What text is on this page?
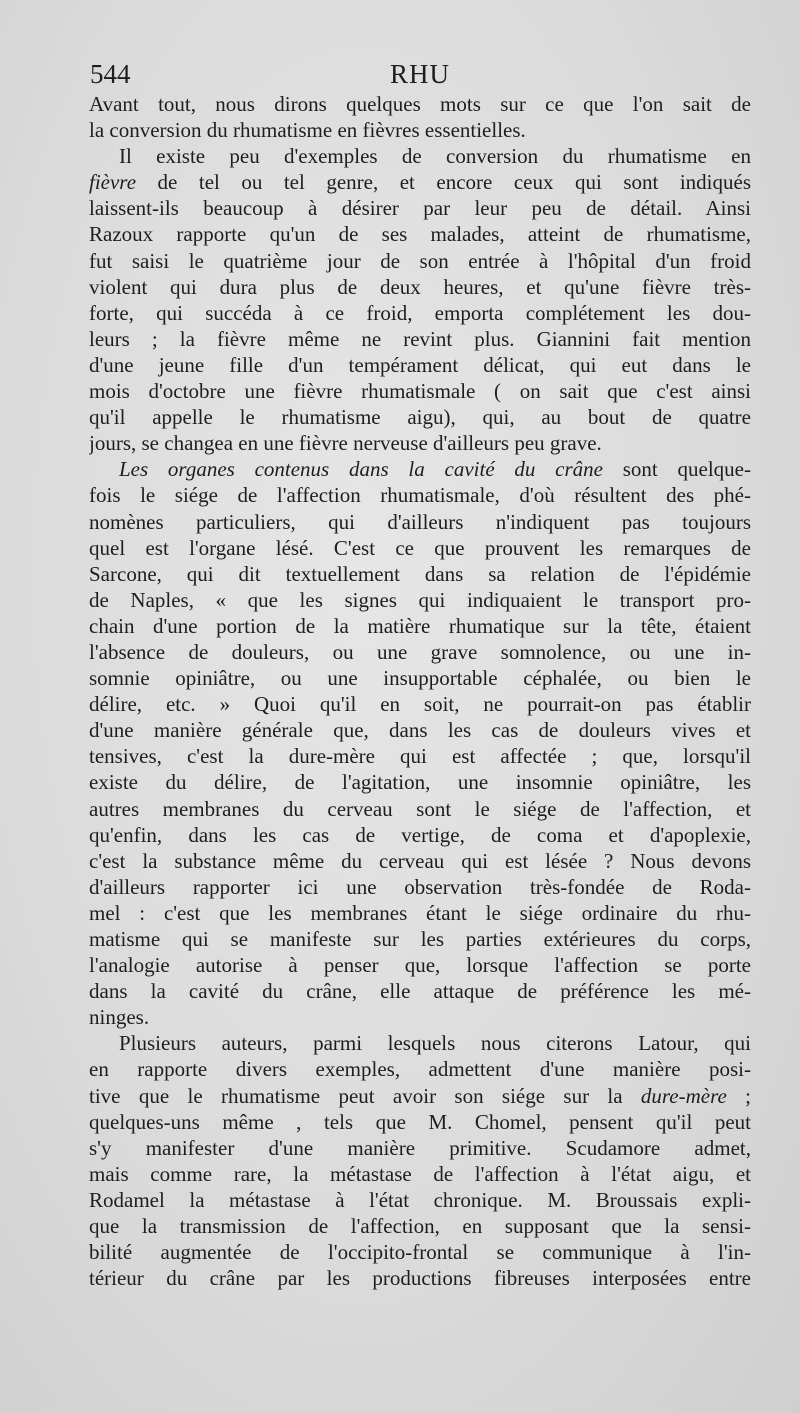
544	RHU
Avant tout, nous dirons quelques mots sur ce que l'on sait de
la conversion du rhumatisme en fièvres essentielles.
Il existe peu d'exemples de conversion du rhumatisme en
fièvre de tel ou tel genre, et encore ceux qui sont indiqués
laissent-ils beaucoup à désirer par leur peu de détail. Ainsi
Razoux rapporte qu'un de ses malades, atteint de rhumatisme,
fut saisi le quatrième jour de son entrée à l'hôpital d'un froid
violent qui dura plus de deux heures, et qu'une fièvre très-
forte, qui succéda à ce froid, emporta complétement les dou-
leurs ; la fièvre même ne revint plus. Giannini fait mention
d'une jeune fille d'un tempérament délicat, qui eut dans le
mois d'octobre une fièvre rhumatismale ( on sait que c'est ainsi
qu'il appelle le rhumatisme aigu), qui, au bout de quatre
jours, se changea en une fièvre nerveuse d'ailleurs peu grave.
Les organes contenus dans la cavité du crâne sont quelque-
fois le siége de l'affection rhumatismale, d'où résultent des phé-
nomènes particuliers, qui d'ailleurs n'indiquent pas toujours
quel est l'organe lésé. C'est ce que prouvent les remarques de
Sarcone, qui dit textuellement dans sa relation de l'épidémie
de Naples, « que les signes qui indiquaient le transport pro-
chain d'une portion de la matière rhumatique sur la tête, étaient
l'absence de douleurs, ou une grave somnolence, ou une in-
somnie opiniâtre, ou une insupportable céphalée, ou bien le
délire, etc. » Quoi qu'il en soit, ne pourrait-on pas établir
d'une manière générale que, dans les cas de douleurs vives et
tensives, c'est la dure-mère qui est affectée ; que, lorsqu'il
existe du délire, de l'agitation, une insomnie opiniâtre, les
autres membranes du cerveau sont le siége de l'affection, et
qu'enfin, dans les cas de vertige, de coma et d'apoplexie,
c'est la substance même du cerveau qui est lésée ? Nous devons
d'ailleurs rapporter ici une observation très-fondée de Roda-
mel : c'est que les membranes étant le siége ordinaire du rhu-
matisme qui se manifeste sur les parties extérieures du corps,
l'analogie autorise à penser que, lorsque l'affection se porte
dans la cavité du crâne, elle attaque de préférence les mé-
ninges.
Plusieurs auteurs, parmi lesquels nous citerons Latour, qui
en rapporte divers exemples, admettent d'une manière posi-
tive que le rhumatisme peut avoir son siége sur la dure-mère ;
quelques-uns même , tels que M. Chomel, pensent qu'il peut
s'y manifester d'une manière primitive. Scudamore admet,
mais comme rare, la métastase de l'affection à l'état aigu, et
Rodamel la métastase à l'état chronique. M. Broussais expli-
que la transmission de l'affection, en supposant que la sensi-
bilité augmentée de l'occipito-frontal se communique à l'in-
térieur du crâne par les productions fibreuses interposées entre
